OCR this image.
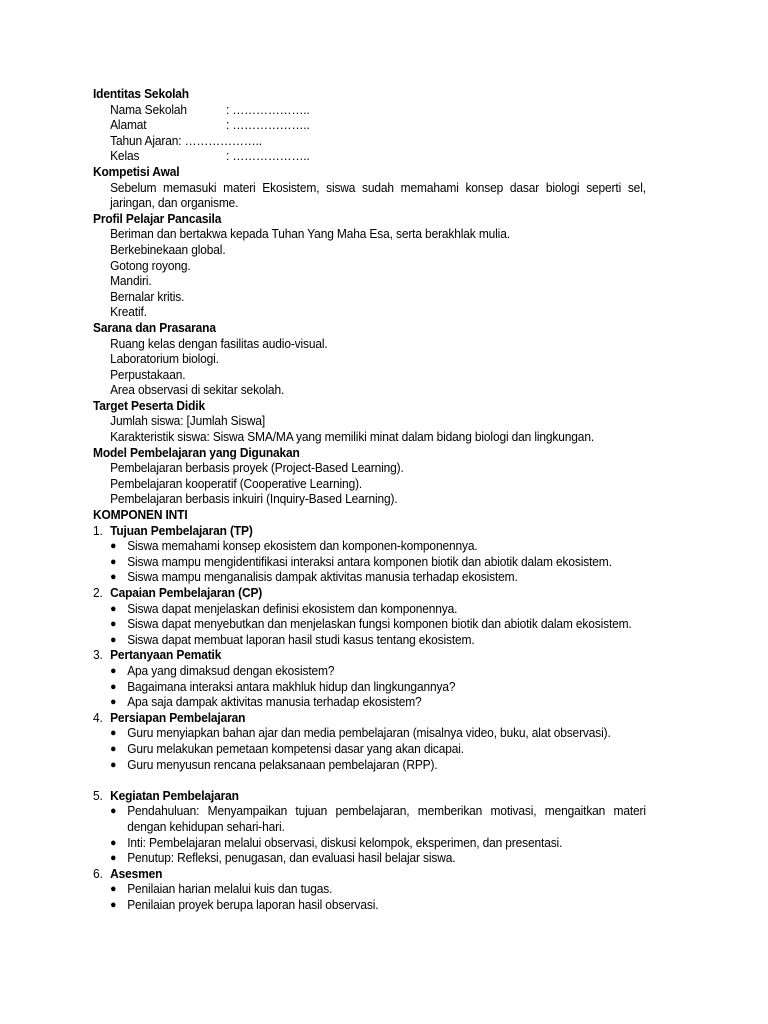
Identitas Sekolah
Nama Sekolah	: ………………..
Alamat	: ………………..
Tahun Ajaran: ………………..
Kelas	: ………………..
Kompetisi Awal
Sebelum memasuki materi Ekosistem, siswa sudah memahami konsep dasar biologi seperti sel, jaringan, dan organisme.
Profil Pelajar Pancasila
Beriman dan bertakwa kepada Tuhan Yang Maha Esa, serta berakhlak mulia.
Berkebinekaan global.
Gotong royong.
Mandiri.
Bernalar kritis.
Kreatif.
Sarana dan Prasarana
Ruang kelas dengan fasilitas audio-visual.
Laboratorium biologi.
Perpustakaan.
Area observasi di sekitar sekolah.
Target Peserta Didik
Jumlah siswa: [Jumlah Siswa]
Karakteristik siswa: Siswa SMA/MA yang memiliki minat dalam bidang biologi dan lingkungan.
Model Pembelajaran yang Digunakan
Pembelajaran berbasis proyek (Project-Based Learning).
Pembelajaran kooperatif (Cooperative Learning).
Pembelajaran berbasis inkuiri (Inquiry-Based Learning).
KOMPONEN INTI
1. Tujuan Pembelajaran (TP)
● Siswa memahami konsep ekosistem dan komponen-komponennya.
● Siswa mampu mengidentifikasi interaksi antara komponen biotik dan abiotik dalam ekosistem.
● Siswa mampu menganalisis dampak aktivitas manusia terhadap ekosistem.
2. Capaian Pembelajaran (CP)
● Siswa dapat menjelaskan definisi ekosistem dan komponennya.
● Siswa dapat menyebutkan dan menjelaskan fungsi komponen biotik dan abiotik dalam ekosistem.
● Siswa dapat membuat laporan hasil studi kasus tentang ekosistem.
3. Pertanyaan Pematik
● Apa yang dimaksud dengan ekosistem?
● Bagaimana interaksi antara makhluk hidup dan lingkungannya?
● Apa saja dampak aktivitas manusia terhadap ekosistem?
4. Persiapan Pembelajaran
● Guru menyiapkan bahan ajar dan media pembelajaran (misalnya video, buku, alat observasi).
● Guru melakukan pemetaan kompetensi dasar yang akan dicapai.
● Guru menyusun rencana pelaksanaan pembelajaran (RPP).
5. Kegiatan Pembelajaran
● Pendahuluan: Menyampaikan tujuan pembelajaran, memberikan motivasi, mengaitkan materi dengan kehidupan sehari-hari.
● Inti: Pembelajaran melalui observasi, diskusi kelompok, eksperimen, dan presentasi.
● Penutup: Refleksi, penugasan, dan evaluasi hasil belajar siswa.
6. Asesmen
● Penilaian harian melalui kuis dan tugas.
● Penilaian proyek berupa laporan hasil observasi.
